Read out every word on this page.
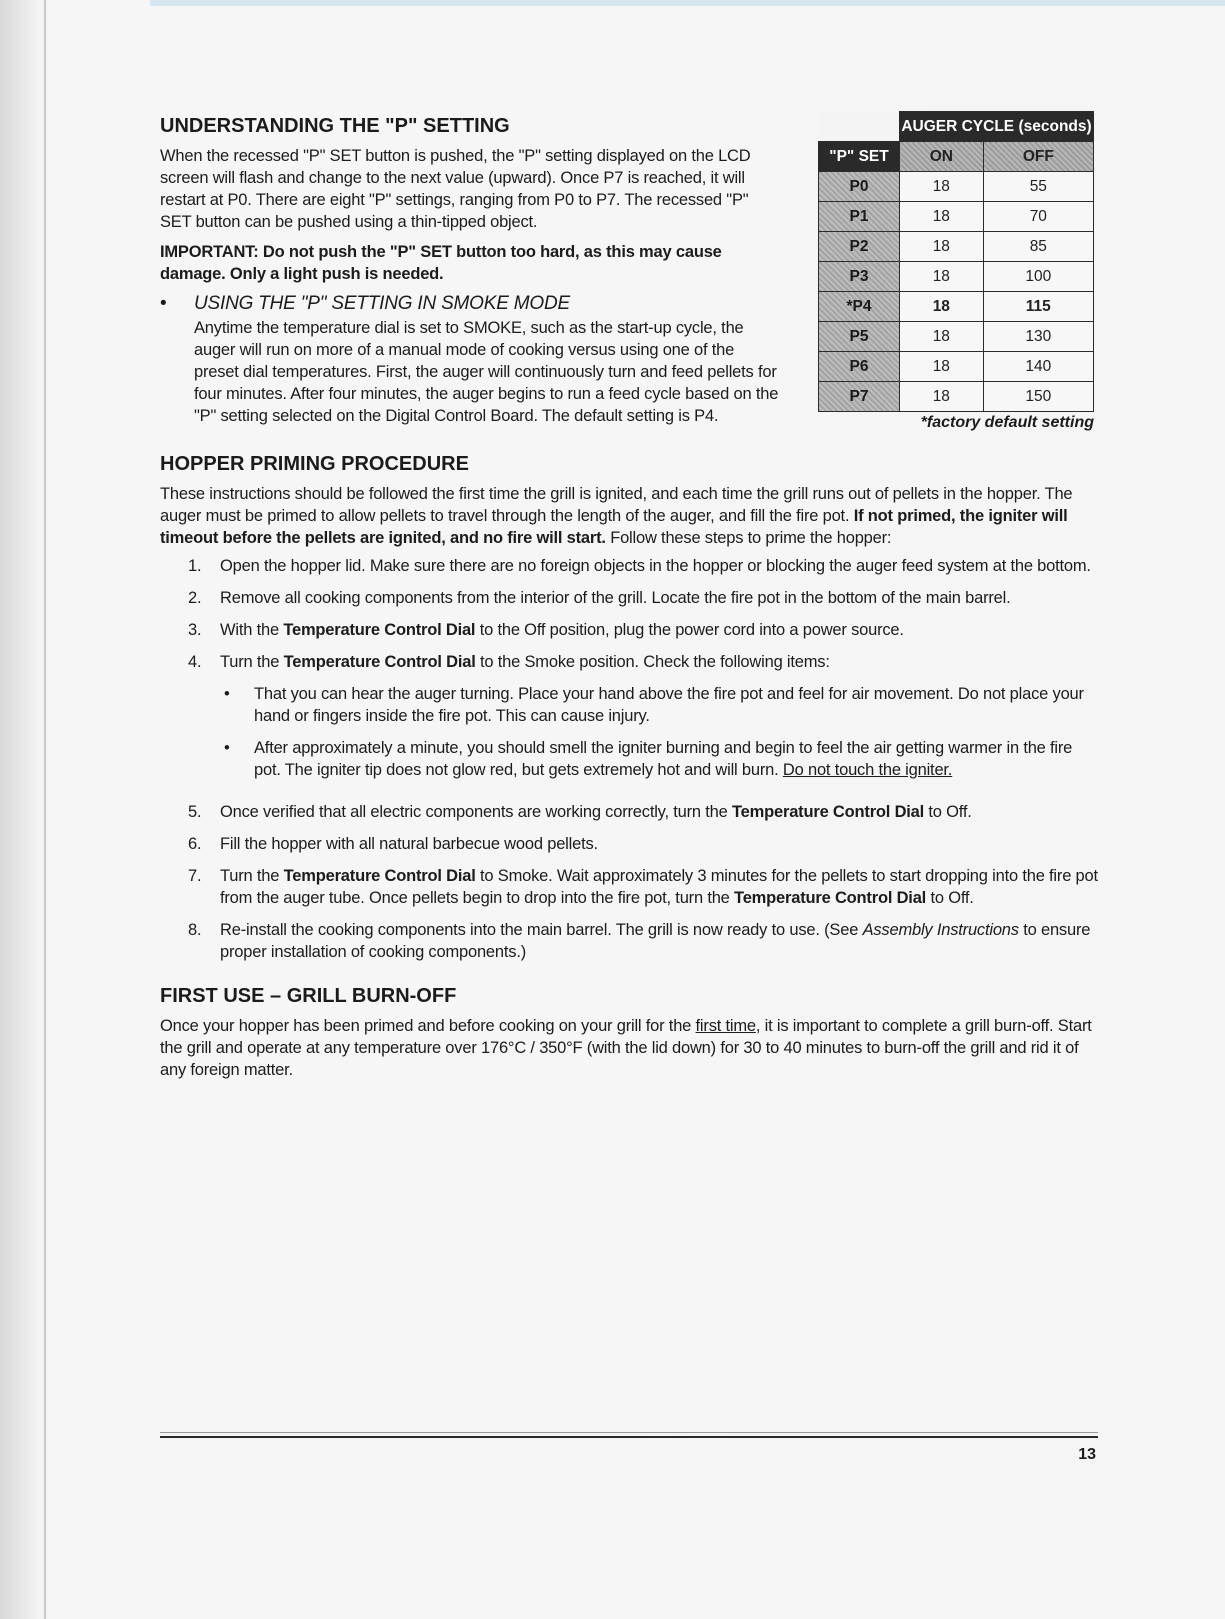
UNDERSTANDING THE "P" SETTING

When the recessed "P" SET button is pushed, the "P" setting displayed on the LCD screen will flash and change to the next value (upward). Once P7 is reached, it will restart at P0. There are eight "P" settings, ranging from P0 to P7. The recessed "P" SET button can be pushed using a thin-tipped object.

IMPORTANT: Do not push the "P" SET button too hard, as this may cause damage. Only a light push is needed.

• USING THE "P" SETTING IN SMOKE MODE

Anytime the temperature dial is set to SMOKE, such as the start-up cycle, the auger will run on more of a manual mode of cooking versus using one of the preset dial temperatures. First, the auger will continuously turn and feed pellets for four minutes. After four minutes, the auger begins to run a feed cycle based on the "P" setting selected on the Digital Control Board. The default setting is P4.

HOPPER PRIMING PROCEDURE

These instructions should be followed the first time the grill is ignited, and each time the grill runs out of pellets in the hopper. The auger must be primed to allow pellets to travel through the length of the auger, and fill the fire pot. If not primed, the igniter will timeout before the pellets are ignited, and no fire will start. Follow these steps to prime the hopper:

1.	Open the hopper lid. Make sure there are no foreign objects in the hopper or blocking the auger feed system at the bottom.
2.	Remove all cooking components from the interior of the grill. Locate the fire pot in the bottom of the main barrel.
3.	With the Temperature Control Dial to the Off position, plug the power cord into a power source.
4.	Turn the Temperature Control Dial to the Smoke position. Check the following items:
•	That you can hear the auger turning. Place your hand above the fire pot and feel for air movement. Do not place your hand or fingers inside the fire pot. This can cause injury.
•	After approximately a minute, you should smell the igniter burning and begin to feel the air getting warmer in the fire pot. The igniter tip does not glow red, but gets extremely hot and will burn. Do not touch the igniter.
5.	Once verified that all electric components are working correctly, turn the Temperature Control Dial to Off.
6.	Fill the hopper with all natural barbecue wood pellets.
7.	Turn the Temperature Control Dial to Smoke. Wait approximately 3 minutes for the pellets to start dropping into the fire pot from the auger tube. Once pellets begin to drop into the fire pot, turn the Temperature Control Dial to Off.
8.	Re-install the cooking components into the main barrel. The grill is now ready to use. (See Assembly Instructions to ensure proper installation of cooking components.)
FIRST USE – GRILL BURN-OFF

Once your hopper has been primed and before cooking on your grill for the first time, it is important to complete a grill burn-off. Start the grill and operate at any temperature over 176°C / 350°F (with the lid down) for 30 to 40 minutes to burn-off the grill and rid it of any foreign matter.

	AUGER CYCLE (seconds)	
"P" SET	ON	OFF
P0	18	55
P1	18	70
P2	18	85
P3	18	100
*P4	18	115
P5	18	130
P6	18	140
P7	18	150
*factory default setting
13
